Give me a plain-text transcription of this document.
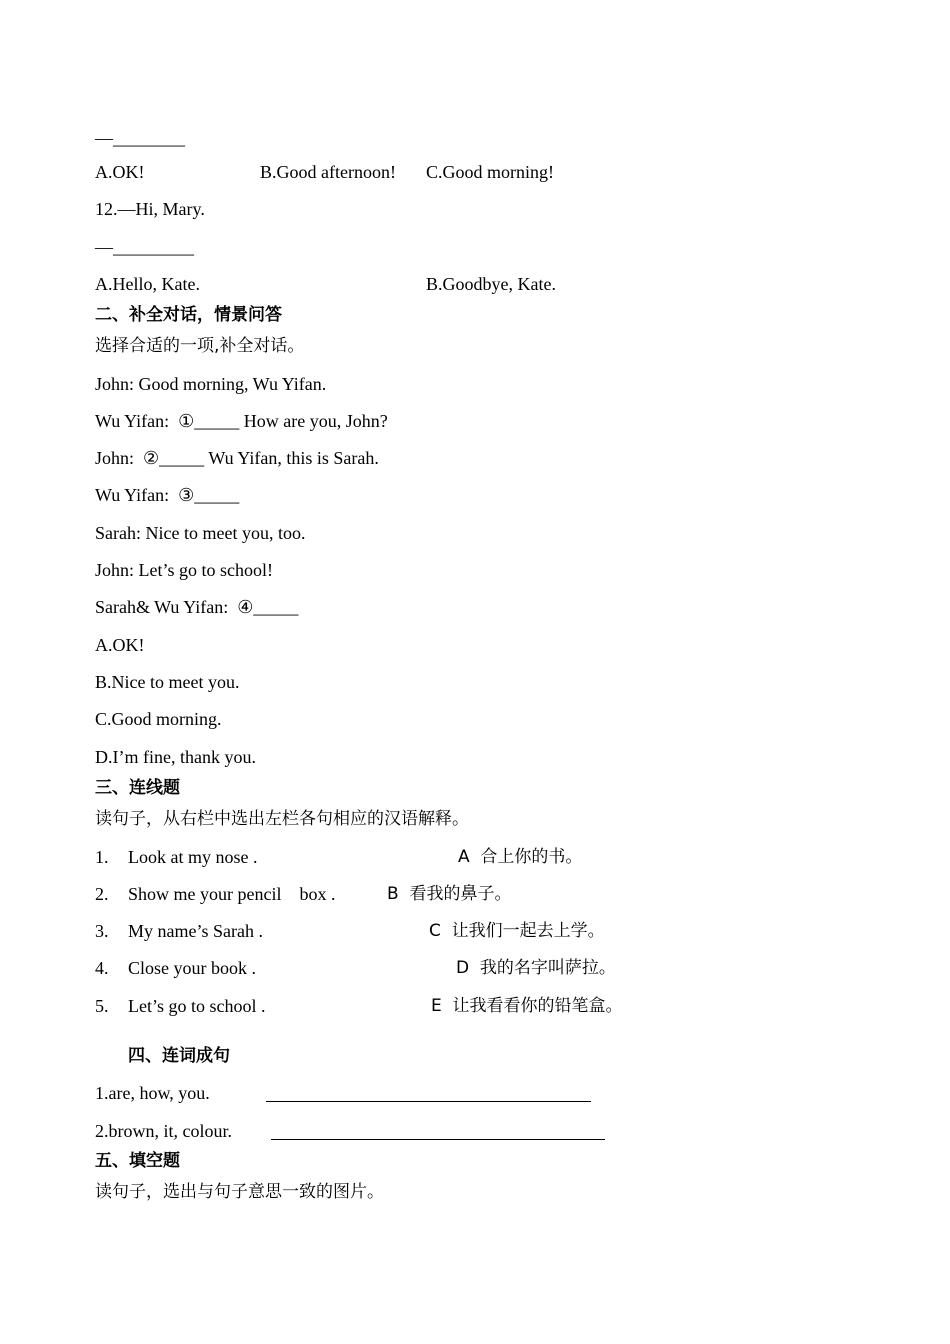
—________
A.OK!	B.Good afternoon! C.Good morning!
12.—Hi, Mary.
—_________
A.Hello, Kate.	B.Goodbye, Kate.
二、补全对话，情景问答
选择合适的一项,补全对话。
John: Good morning, Wu Yifan.
Wu Yifan:  ①_____ How are you, John?
John:  ②_____ Wu Yifan, this is Sarah.
Wu Yifan:  ③_____
Sarah: Nice to meet you, too.
John: Let’s go to school!
Sarah& Wu Yifan:  ④_____
A.OK!
B.Nice to meet you.
C.Good morning.
D.I’m fine, thank you.
三、连线题
读句子，从右栏中选出左栏各句相应的汉语解释。
1. Look at my nose .	A  合上你的书。
2. Show me your pencil    box .	B  看我的鼻子。
3. My name’s Sarah .	C  让我们一起去上学。
4. Close your book .	D  我的名字叫萨拉。
5. Let’s go to school .	E  让我看看你的铅笔盒。
四、连词成句
1.are, how, you.
2.brown, it, colour.
五、填空题
读句子，选出与句子意思一致的图片。
